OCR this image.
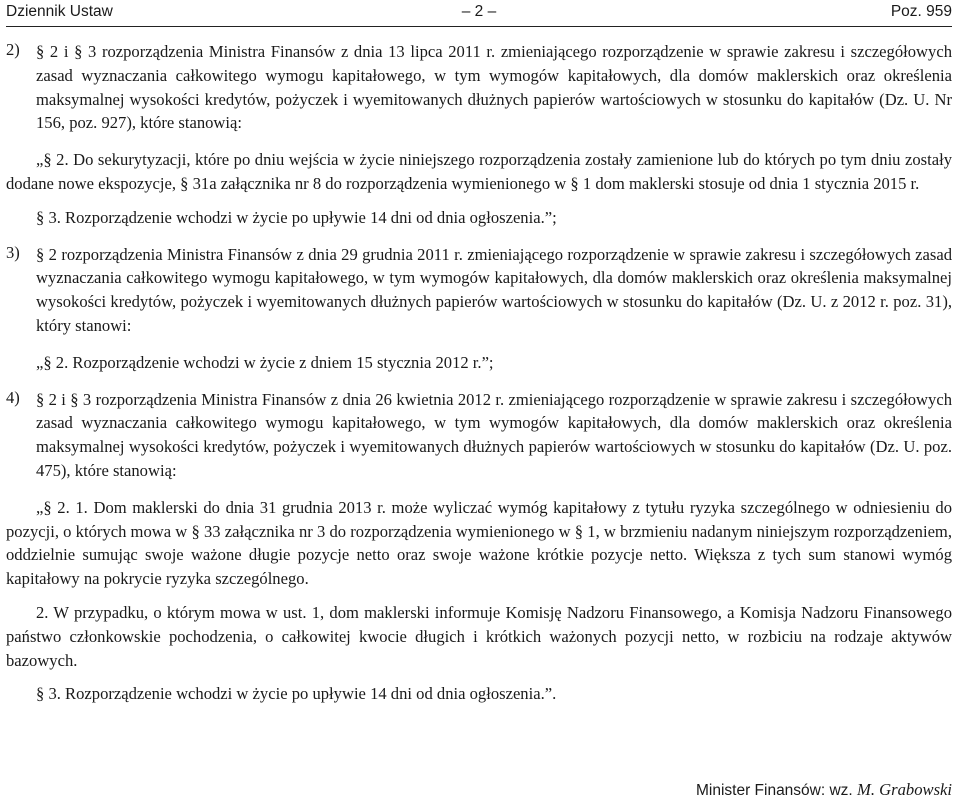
Dziennik Ustaw	– 2 –	Poz. 959
2) § 2 i § 3 rozporządzenia Ministra Finansów z dnia 13 lipca 2011 r. zmieniającego rozporządzenie w sprawie zakresu i szczegółowych zasad wyznaczania całkowitego wymogu kapitałowego, w tym wymogów kapitałowych, dla domów maklerskich oraz określenia maksymalnej wysokości kredytów, pożyczek i wyemitowanych dłużnych papierów wartościowych w stosunku do kapitałów (Dz. U. Nr 156, poz. 927), które stanowią:

„§ 2. Do sekurytyzacji, które po dniu wejścia w życie niniejszego rozporządzenia zostały zamienione lub do których po tym dniu zostały dodane nowe ekspozycje, § 31a załącznika nr 8 do rozporządzenia wymienionego w § 1 dom maklerski stosuje od dnia 1 stycznia 2015 r.

§ 3. Rozporządzenie wchodzi w życie po upływie 14 dni od dnia ogłoszenia.”;

3) § 2 rozporządzenia Ministra Finansów z dnia 29 grudnia 2011 r. zmieniającego rozporządzenie w sprawie zakresu i szczegółowych zasad wyznaczania całkowitego wymogu kapitałowego, w tym wymogów kapitałowych, dla domów maklerskich oraz określenia maksymalnej wysokości kredytów, pożyczek i wyemitowanych dłużnych papierów wartościowych w stosunku do kapitałów (Dz. U. z 2012 r. poz. 31), który stanowi:

„§ 2. Rozporządzenie wchodzi w życie z dniem 15 stycznia 2012 r.”;

4) § 2 i § 3 rozporządzenia Ministra Finansów z dnia 26 kwietnia 2012 r. zmieniającego rozporządzenie w sprawie zakresu i szczegółowych zasad wyznaczania całkowitego wymogu kapitałowego, w tym wymogów kapitałowych, dla domów maklerskich oraz określenia maksymalnej wysokości kredytów, pożyczek i wyemitowanych dłużnych papierów wartościowych w stosunku do kapitałów (Dz. U. poz. 475), które stanowią:

„§ 2. 1. Dom maklerski do dnia 31 grudnia 2013 r. może wyliczać wymóg kapitałowy z tytułu ryzyka szczególnego w odniesieniu do pozycji, o których mowa w § 33 załącznika nr 3 do rozporządzenia wymienionego w § 1, w brzmieniu nadanym niniejszym rozporządzeniem, oddzielnie sumując swoje ważone długie pozycje netto oraz swoje ważone krótkie pozycje netto. Większa z tych sum stanowi wymóg kapitałowy na pokrycie ryzyka szczególnego.

2. W przypadku, o którym mowa w ust. 1, dom maklerski informuje Komisję Nadzoru Finansowego, a Komisja Nadzoru Finansowego państwo członkowskie pochodzenia, o całkowitej kwocie długich i krótkich ważonych pozycji netto, w rozbiciu na rodzaje aktywów bazowych.

§ 3. Rozporządzenie wchodzi w życie po upływie 14 dni od dnia ogłoszenia.”.

Minister Finansów: wz. M. Grabowski
